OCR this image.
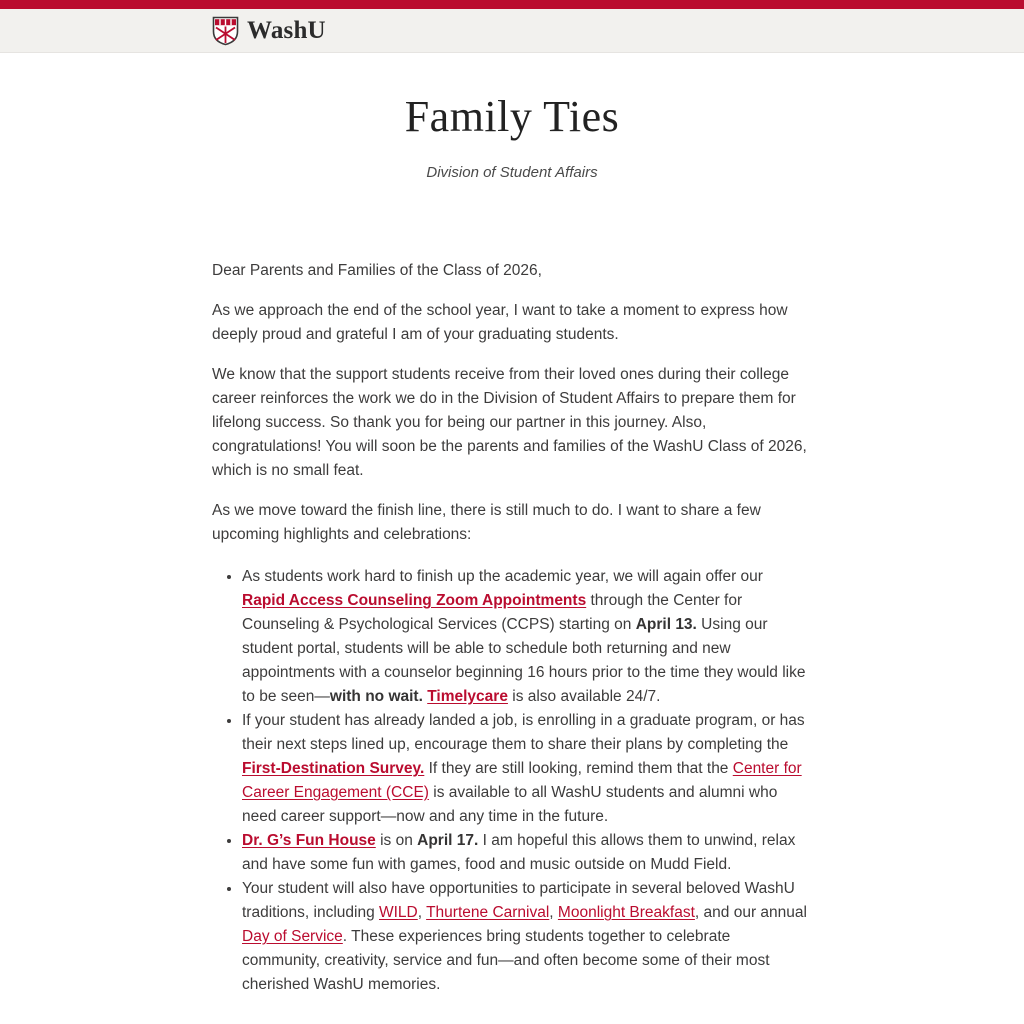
WashU
Family Ties
Division of Student Affairs

Dear Parents and Families of the Class of 2026,

As we approach the end of the school year, I want to take a moment to express how deeply proud and grateful I am of your graduating students.

We know that the support students receive from their loved ones during their college career reinforces the work we do in the Division of Student Affairs to prepare them for lifelong success. So thank you for being our partner in this journey. Also, congratulations! You will soon be the parents and families of the WashU Class of 2026, which is no small feat.

As we move toward the finish line, there is still much to do. I want to share a few upcoming highlights and celebrations:

• As students work hard to finish up the academic year, we will again offer our Rapid Access Counseling Zoom Appointments through the Center for Counseling & Psychological Services (CCPS) starting on April 13. Using our student portal, students will be able to schedule both returning and new appointments with a counselor beginning 16 hours prior to the time they would like to be seen—with no wait. Timelycare is also available 24/7.
• If your student has already landed a job, is enrolling in a graduate program, or has their next steps lined up, encourage them to share their plans by completing the First-Destination Survey. If they are still looking, remind them that the Center for Career Engagement (CCE) is available to all WashU students and alumni who need career support—now and any time in the future.
• Dr. G’s Fun House is on April 17. I am hopeful this allows them to unwind, relax and have some fun with games, food and music outside on Mudd Field.
• Your student will also have opportunities to participate in several beloved WashU traditions, including WILD, Thurtene Carnival, Moonlight Breakfast, and our annual Day of Service. These experiences bring students together to celebrate community, creativity, service and fun—and often become some of their most cherished WashU memories.
